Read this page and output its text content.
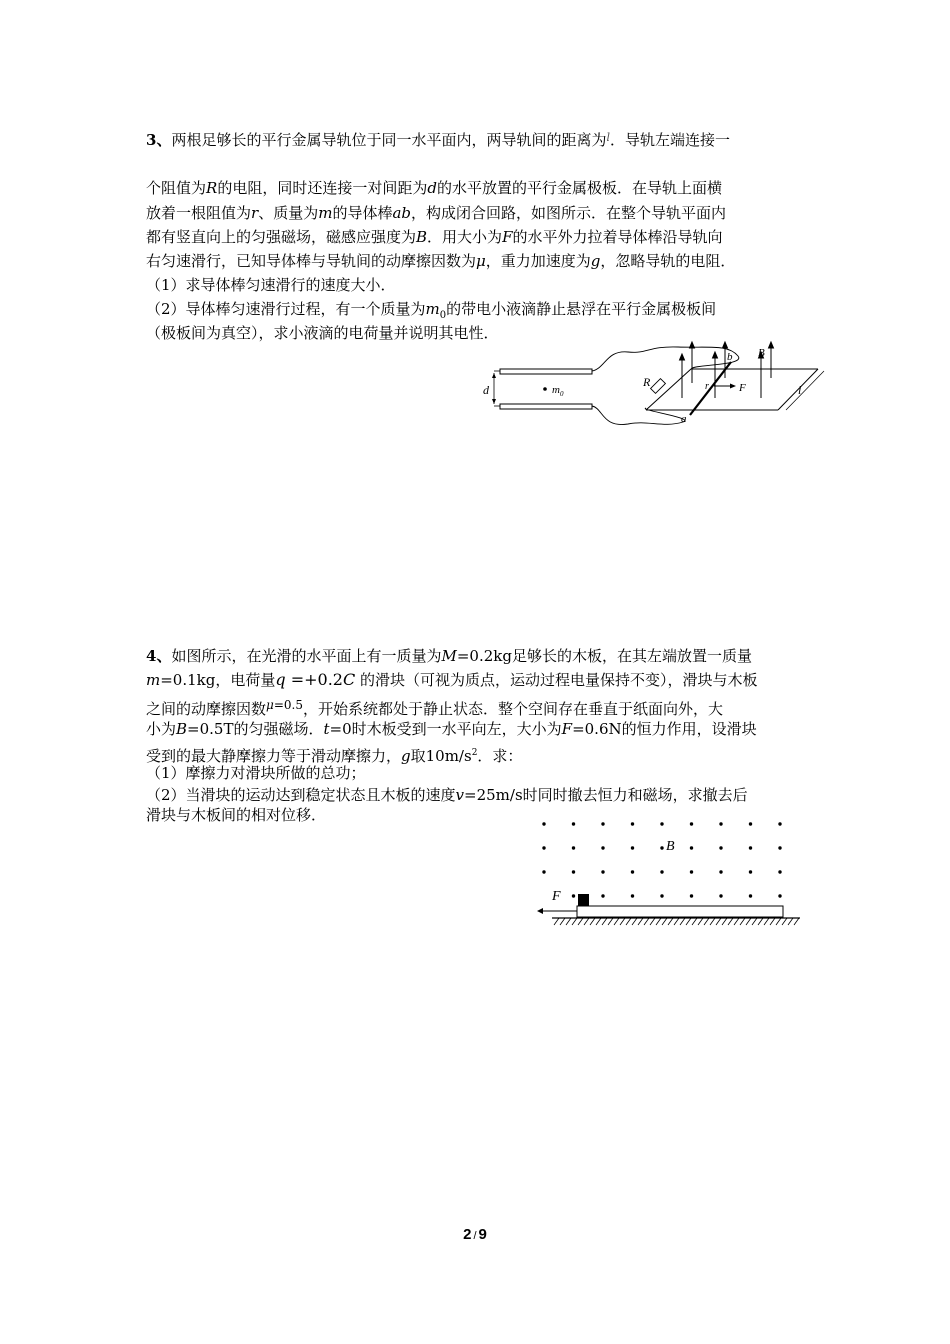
3、两根足够长的平行金属导轨位于同一水平面内，两导轨间的距离为$^l$．导轨左端连接一
个阻值为R的电阻，同时还连接一对间距为d的水平放置的平行金属极板．在导轨上面横
放着一根阻值为r、质量为m的导体棒ab，构成闭合回路，如图所示．在整个导轨平面内
都有竖直向上的匀强磁场，磁感应强度为B．用大小为F的水平外力拉着导体棒沿导轨向
右匀速滑行，已知导体棒与导轨间的动摩擦因数为μ，重力加速度为g，忽略导轨的电阻．
（1）求导体棒匀速滑行的速度大小．
（2）导体棒匀速滑行过程，有一个质量为$m_0$的带电小液滴静止悬浮在平行金属极板间
（极板间为真空），求小液滴的电荷量并说明其电性．
d	$m_0$
R
b
a
B
r	F	l
4、如图所示，在光滑的水平面上有一质量为M=0.2kg足够长的木板，在其左端放置一质量
m=0.1kg，电荷量q =+0.2C 的滑块（可视为质点，运动过程电量保持不变），滑块与木板
之间的动摩擦因数$^{\mu=0.5}$，开始系统都处于静止状态．整个空间存在垂直于纸面向外，大
小为B=0.5T的匀强磁场．t=0时木板受到一水平向左，大小为F=0.6N的恒力作用，设滑块
受到的最大静摩擦力等于滑动摩擦力，g取$10m/s^2$．求：
（1）摩擦力对滑块所做的总功；
（2）当滑块的运动达到稳定状态且木板的速度v=25m/s时同时撤去恒力和磁场，求撤去后
滑块与木板间的相对位移．
B
F
2 / 9
